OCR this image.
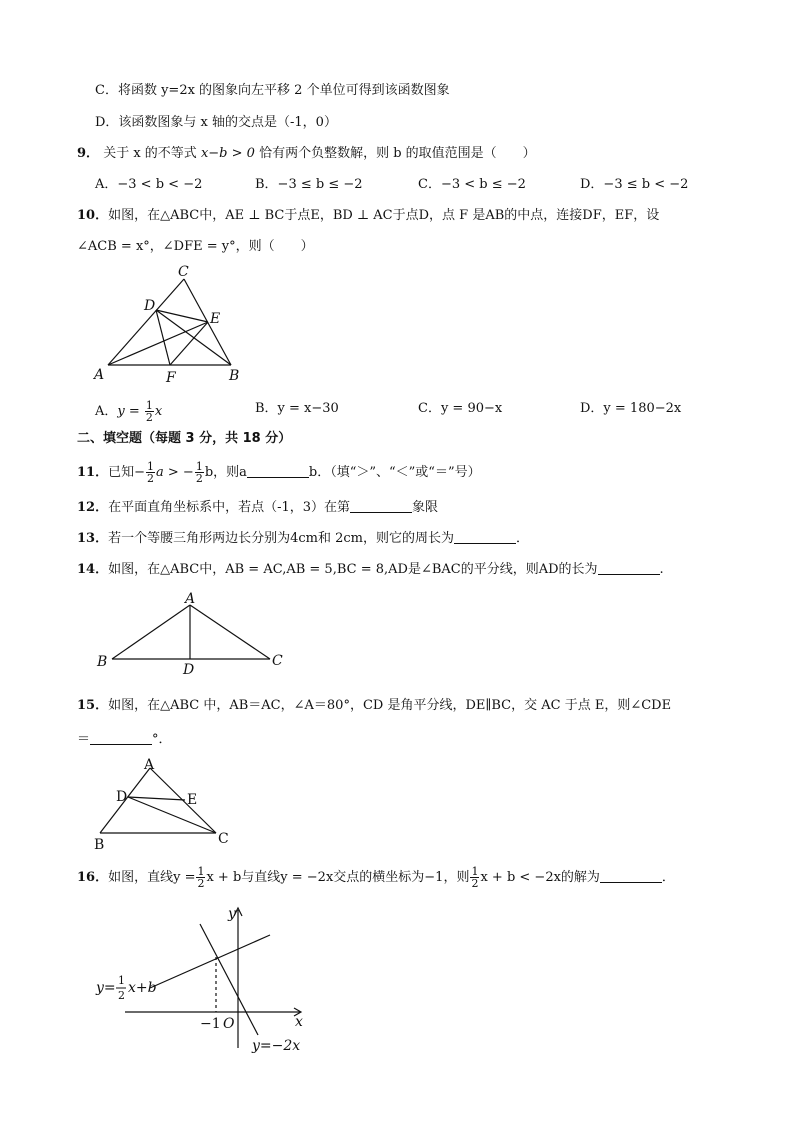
C．将函数 y=2x 的图象向左平移 2 个单位可得到该函数图象
D．该函数图象与 x 轴的交点是（-1，0）
9． 关于 x 的不等式 x−b > 0 恰有两个负整数解，则 b 的取值范围是（　　）
A．−3 < b < −2	B．−3 ≤ b ≤ −2	C．−3 < b ≤ −2	D．−3 ≤ b < −2
10．如图，在△ABC中，AE ⊥ BC于点E，BD ⊥ AC于点D，点 F 是AB的中点，连接DF，EF，设
∠ACB = x°，∠DFE = y°，则（　　）
C
D
E
A	F	B
A．$y = \frac{1}{2}$ x	B．y = x−30	C．y = 90−x	D．y = 180−2x
二、填空题（每题 3 分，共 18 分）
11．已知− $\frac{1}{2}$ a > − $\frac{1}{2}$ b，则a	b．（填“＞”、“＜”或“＝”号）
12．在平面直角坐标系中，若点（-1，3）在第	象限
13．若一个等腰三角形两边长分别为4cm和 2cm，则它的周长为	．
14．如图，在△ABC中，AB = AC,AB = 5,BC = 8,AD是∠BAC的平分线，则AD的长为	.
A
B	D
C
15．如图，在△ABC 中，AB＝AC，∠A＝80°，CD 是角平分线，DE∥BC，交 AC 于点 E，则∠CDE
＝	°．
A
D	E
B	C
16．如图，直线$y = \frac{1}{2}$ x + b与直线y = −2x交点的横坐标为−1，则 $\frac{1}{2}$ x + b < −2x的解为	．
y
x
O
−1
y= 1
2 x+b
y=−2x
